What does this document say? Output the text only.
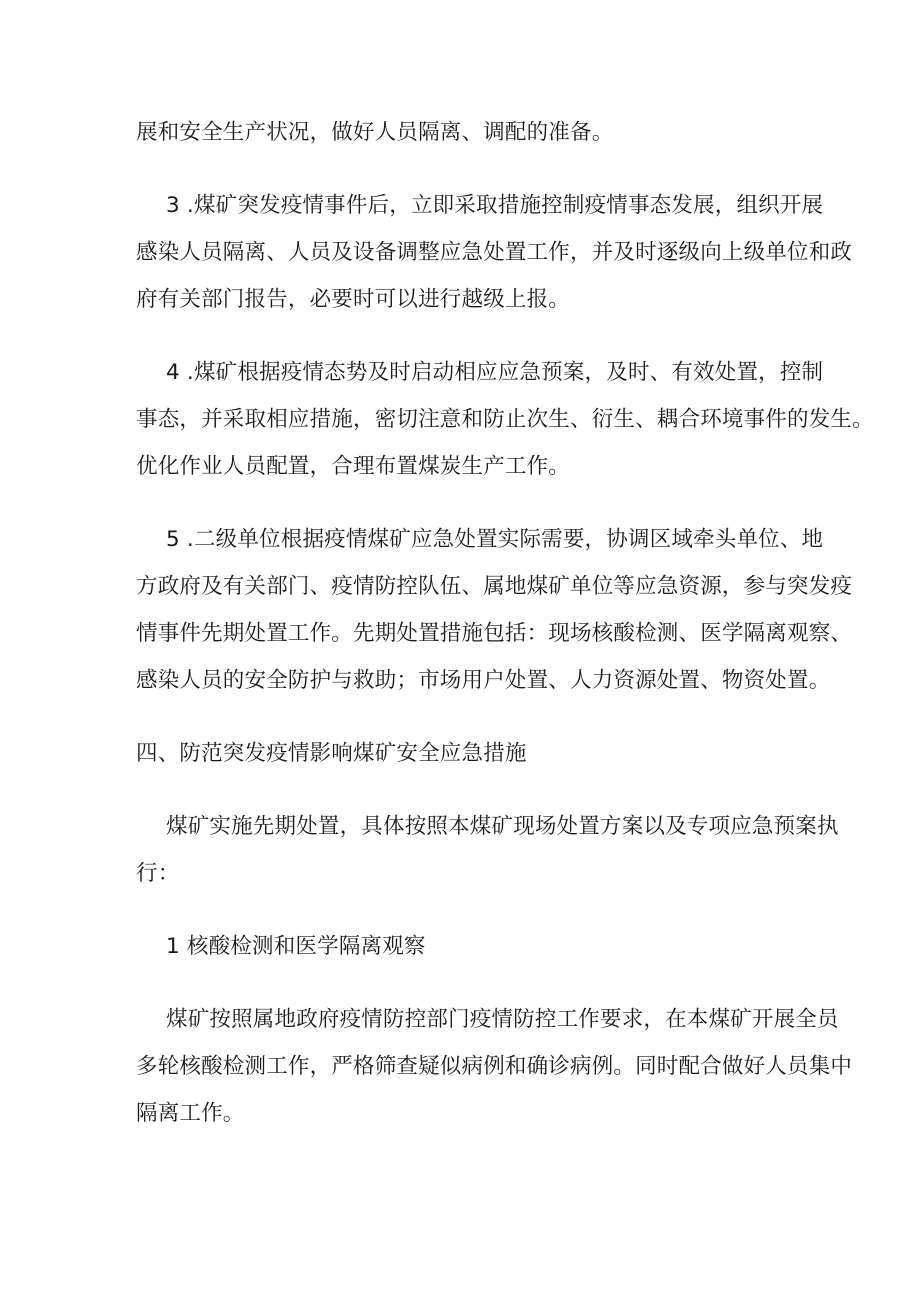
展和安全生产状况，做好人员隔离、调配的准备。
3 .煤矿突发疫情事件后，立即采取措施控制疫情事态发展，组织开展
感染人员隔离、人员及设备调整应急处置工作，并及时逐级向上级单位和政
府有关部门报告，必要时可以进行越级上报。
4 .煤矿根据疫情态势及时启动相应应急预案，及时、有效处置，控制
事态，并采取相应措施，密切注意和防止次生、衍生、耦合环境事件的发生。
优化作业人员配置，合理布置煤炭生产工作。
5 .二级单位根据疫情煤矿应急处置实际需要，协调区域牵头单位、地
方政府及有关部门、疫情防控队伍、属地煤矿单位等应急资源，参与突发疫
情事件先期处置工作。先期处置措施包括：现场核酸检测、医学隔离观察、
感染人员的安全防护与救助；市场用户处置、人力资源处置、物资处置。
四、防范突发疫情影响煤矿安全应急措施
煤矿实施先期处置，具体按照本煤矿现场处置方案以及专项应急预案执
行：
1 核酸检测和医学隔离观察
煤矿按照属地政府疫情防控部门疫情防控工作要求，在本煤矿开展全员
多轮核酸检测工作，严格筛查疑似病例和确诊病例。同时配合做好人员集中
隔离工作。
